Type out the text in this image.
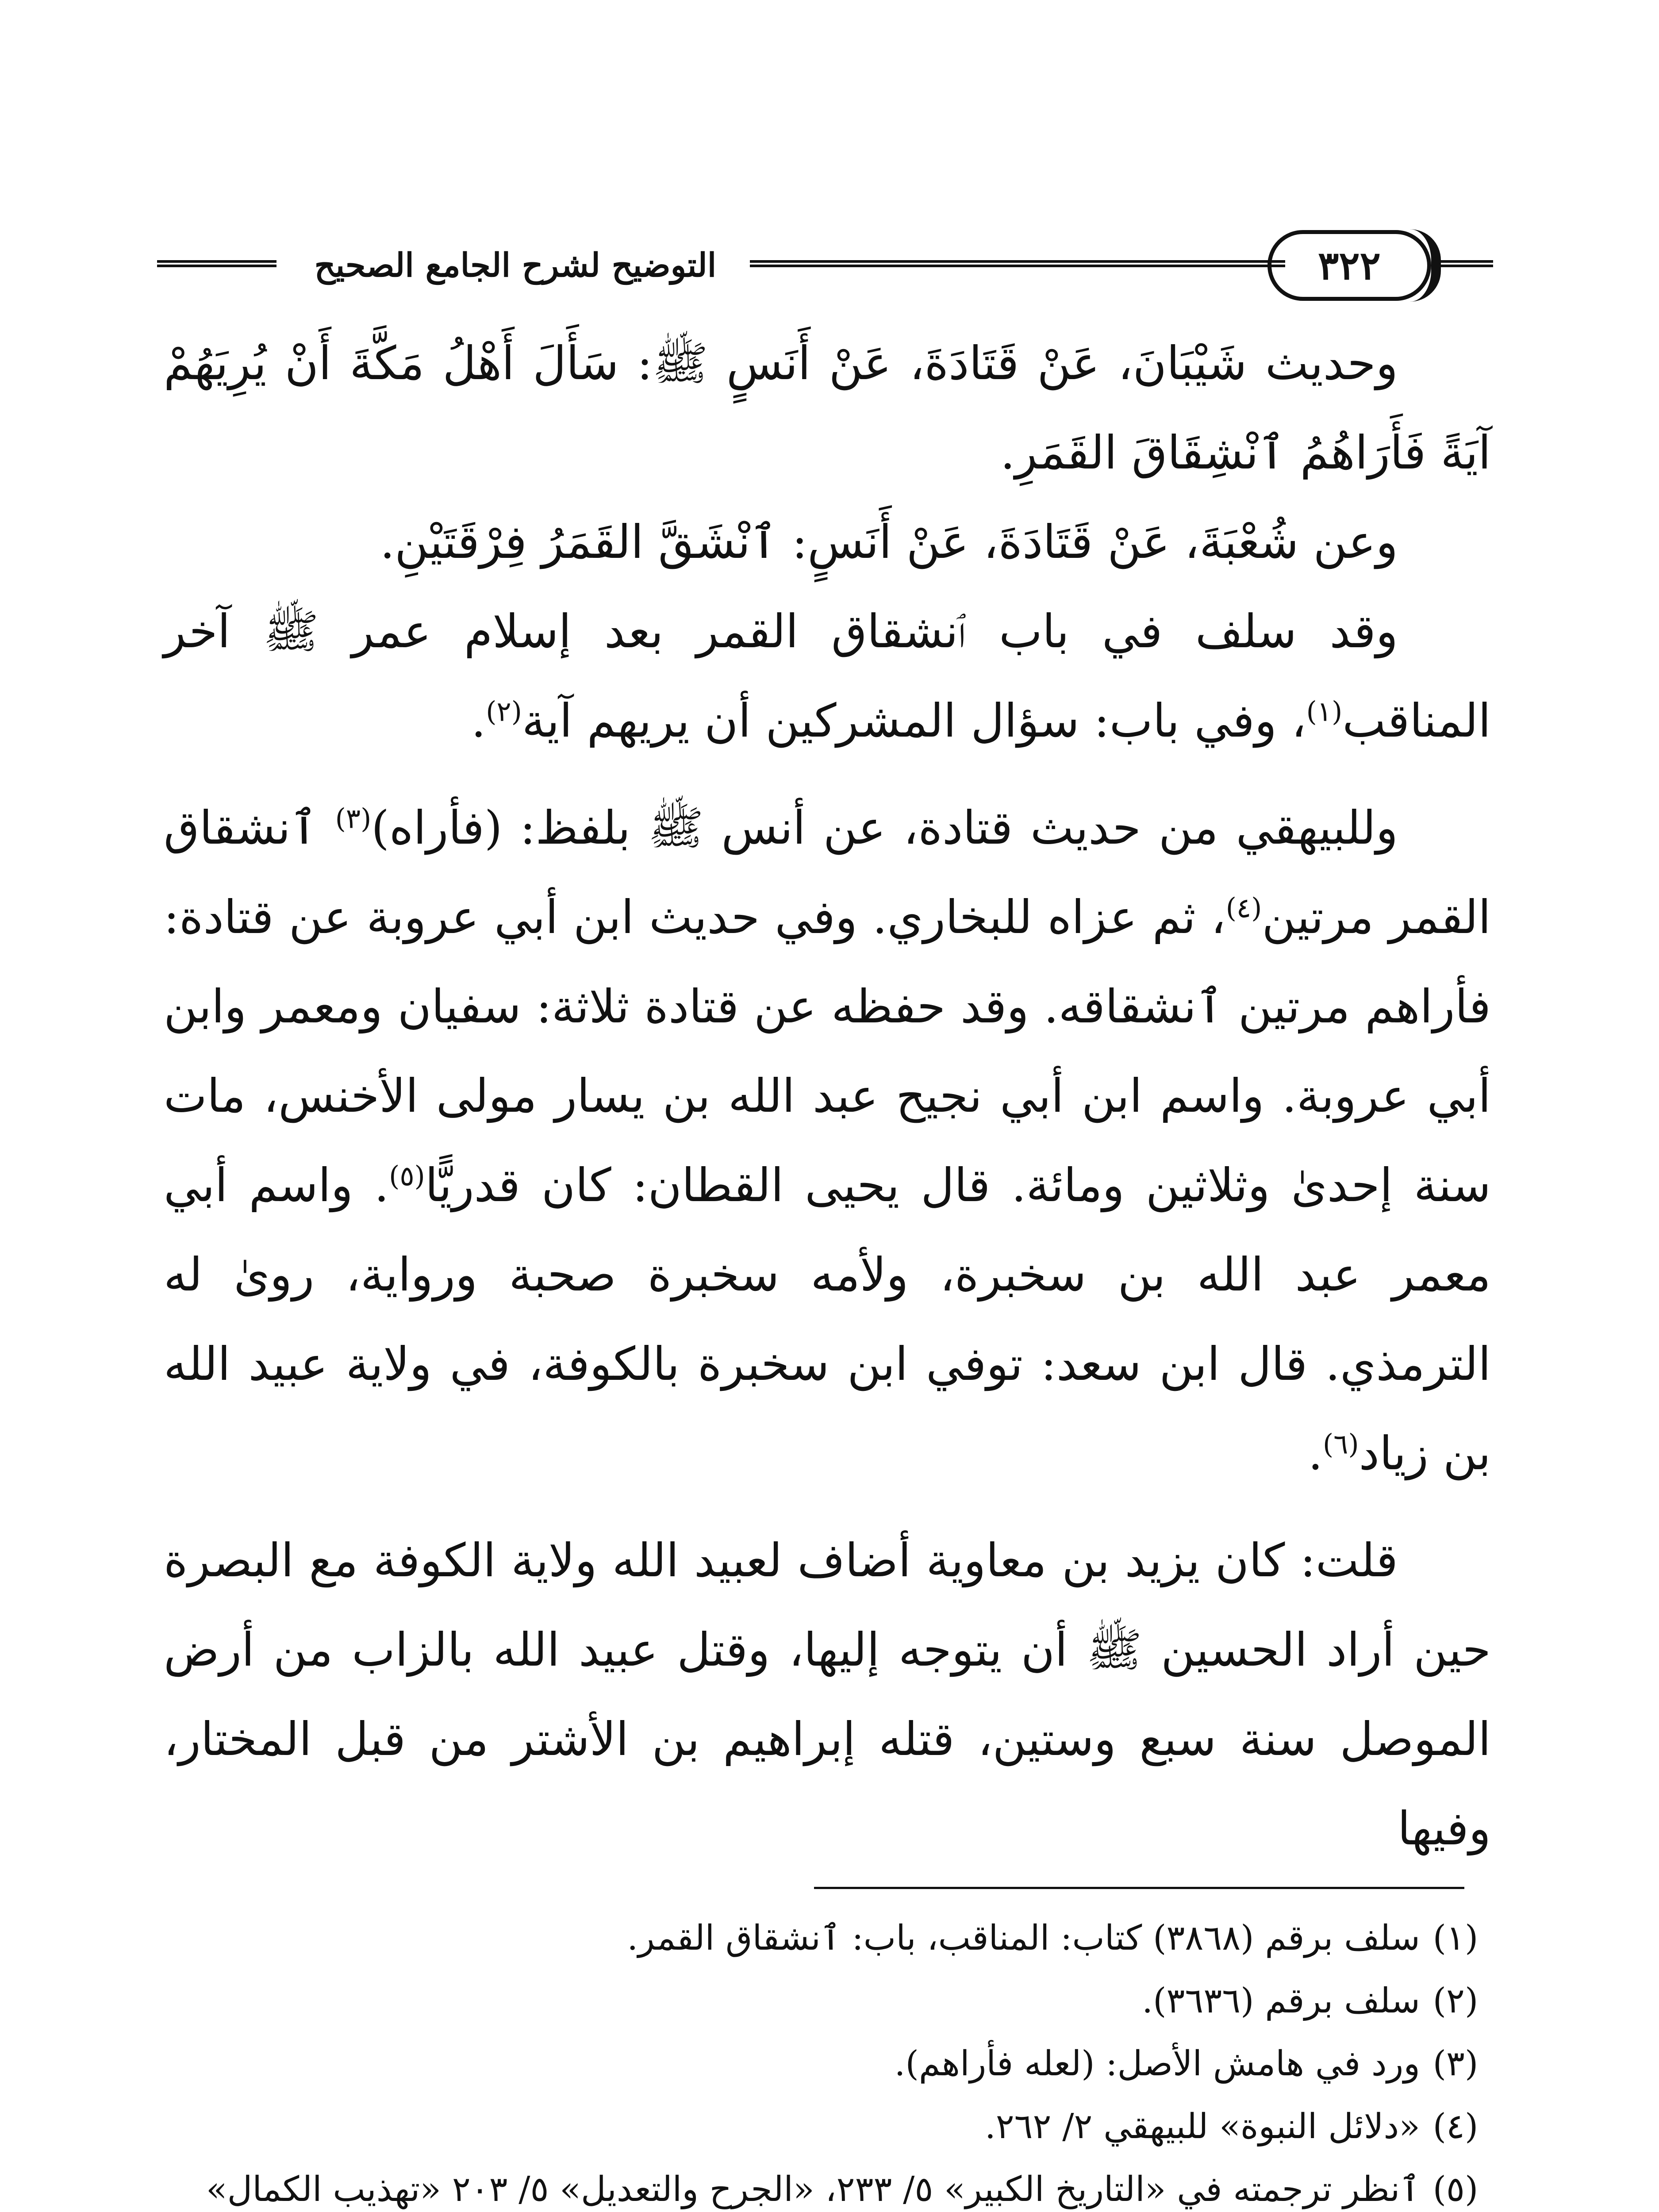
٣٢٢
التوضيح لشرح الجامع الصحيح

وحديث شَيْبَانَ، عَنْ قَتَادَةَ، عَنْ أَنَسٍ ﷺ: سَأَلَ أَهْلُ مَكَّةَ أَنْ يُرِيَهُمْ آيَةً فَأَرَاهُمُ ٱنْشِقَاقَ القَمَرِ.

وعن شُعْبَةَ، عَنْ قَتَادَةَ، عَنْ أَنَسٍ: ٱنْشَقَّ القَمَرُ فِرْقَتَيْنِ.

وقد سلف في باب ٱنشقاق القمر بعد إسلام عمر ﷺ آخر المناقب$^{(١)}$، وفي باب: سؤال المشركين أن يريهم آية$^{(٢)}$.

وللبيهقي من حديث قتادة، عن أنس ﷺ بلفظ: (فأراه)$^{(٣)}$ ٱنشقاق القمر مرتين$^{(٤)}$، ثم عزاه للبخاري. وفي حديث ابن أبي عروبة عن قتادة: فأراهم مرتين ٱنشقاقه. وقد حفظه عن قتادة ثلاثة: سفيان ومعمر وابن أبي عروبة. واسم ابن أبي نجيح عبد الله بن يسار مولى الأخنس، مات سنة إحدىٰ وثلاثين ومائة. قال يحيى القطان: كان قدريًّا$^{(٥)}$. واسم أبي معمر عبد الله بن سخبرة، ولأمه سخبرة صحبة ورواية، روىٰ له الترمذي. قال ابن سعد: توفي ابن سخبرة بالكوفة، في ولاية عبيد الله بن زياد$^{(٦)}$.

قلت: كان يزيد بن معاوية أضاف لعبيد الله ولاية الكوفة مع البصرة حين أراد الحسين ﷺ أن يتوجه إليها، وقتل عبيد الله بالزاب من أرض الموصل سنة سبع وستين، قتله إبراهيم بن الأشتر من قبل المختار، وفيها

(١)
سلف برقم (٣٨٦٨) كتاب: المناقب، باب: ٱنشقاق القمر.
(٢)
سلف برقم (٣٦٣٦).
(٣)
ورد في هامش الأصل: (لعله فأراهم).
(٤)
«دلائل النبوة» للبيهقي ٢/ ٢٦٢.
(٥)
ٱنظر ترجمته في «التاريخ الكبير» ٥/ ٢٣٣، «الجرح والتعديل» ٥/ ٢٠٣ «تهذيب الكمال»
